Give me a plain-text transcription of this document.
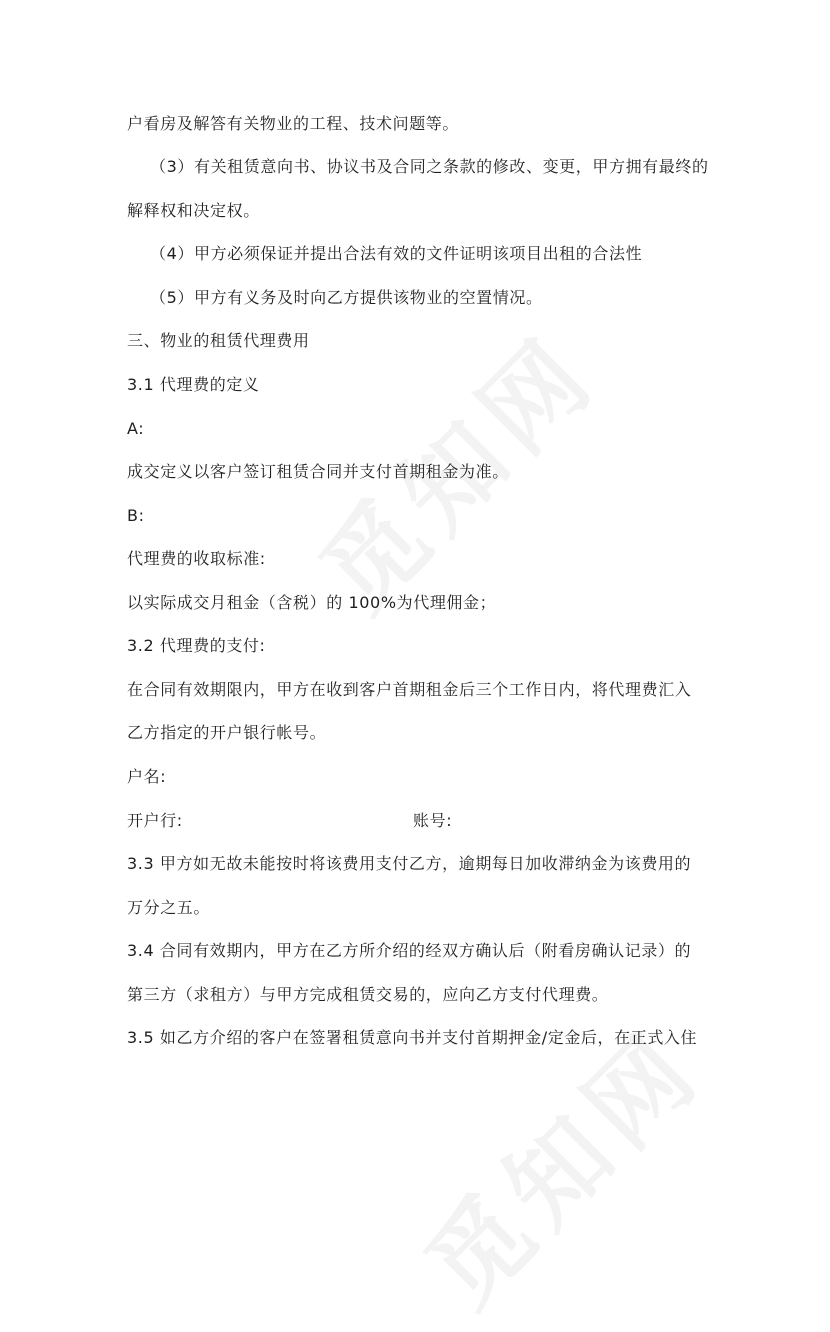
户看房及解答有关物业的工程、技术问题等。
（3）有关租赁意向书、协议书及合同之条款的修改、变更，甲方拥有最终的
解释权和决定权。
（4）甲方必须保证并提出合法有效的文件证明该项目出租的合法性
（5）甲方有义务及时向乙方提供该物业的空置情况。
三、物业的租赁代理费用
3.1 代理费的定义
A:
成交定义以客户签订租赁合同并支付首期租金为准。
B:
代理费的收取标准:
以实际成交月租金（含税）的 100%为代理佣金；
3.2 代理费的支付:
在合同有效期限内，甲方在收到客户首期租金后三个工作日内，将代理费汇入
乙方指定的开户银行帐号。
户名:
开户行:	账号:
3.3 甲方如无故未能按时将该费用支付乙方，逾期每日加收滞纳金为该费用的
万分之五。
3.4 合同有效期内，甲方在乙方所介绍的经双方确认后（附看房确认记录）的
第三方（求租方）与甲方完成租赁交易的，应向乙方支付代理费。
3.5 如乙方介绍的客户在签署租赁意向书并支付首期押金/定金后，在正式入住
